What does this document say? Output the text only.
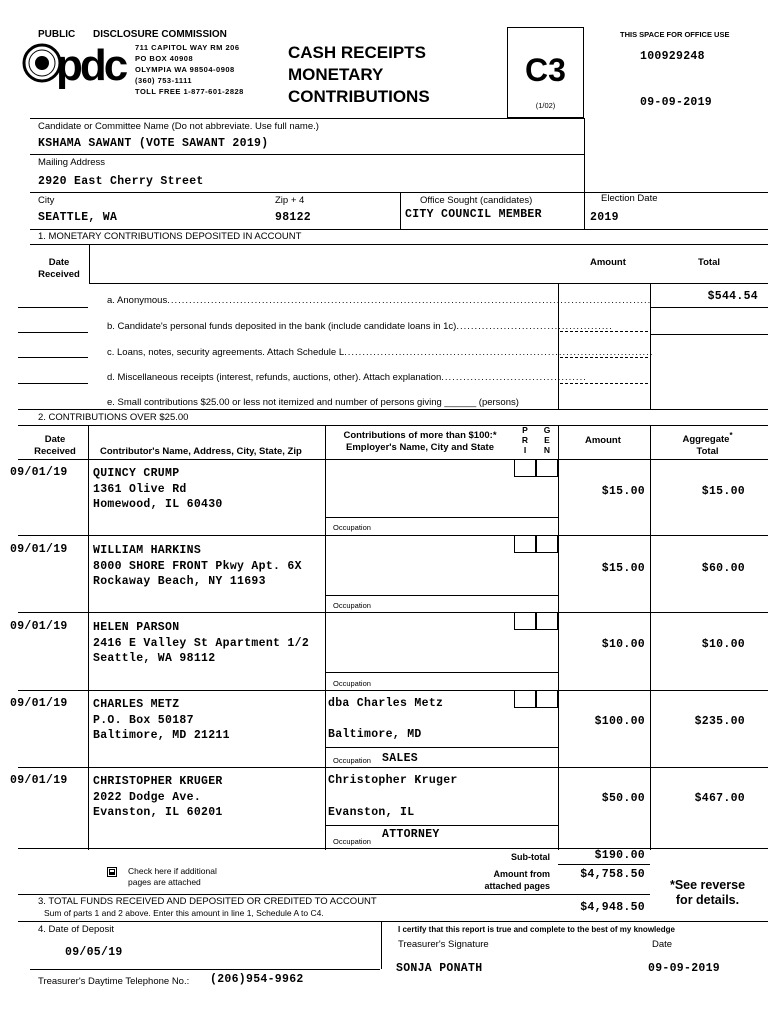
PUBLIC DISCLOSURE COMMISSION
pdc	711 CAPITOL WAY RM 206
PO BOX 40908
OLYMPIA WA 98504-0908
(360) 753-1111
TOLL FREE 1-877-601-2828
CASH RECEIPTS
MONETARY
CONTRIBUTIONS
C3
(1/02)
THIS SPACE FOR OFFICE USE
100929248
09-09-2019
Candidate or Committee Name (Do not abbreviate. Use full name.)
KSHAMA SAWANT (VOTE SAWANT 2019)
Mailing Address
2920 East Cherry Street
City
SEATTLE, WA
Zip + 4
98122
Office Sought (candidates)
CITY COUNCIL MEMBER
Election Date
2019
1. MONETARY CONTRIBUTIONS DEPOSITED IN ACCOUNT
Date
Received
Amount	Total
a. Anonymous.....................................................................................................................................	$544.54
b. Candidate's personal funds deposited in the bank (include candidate loans in 1c)...........................................
c. Loans, notes, security agreements. Attach Schedule L.....................................................................................
d. Miscellaneous receipts (interest, refunds, auctions, other). Attach explanation........................................
e. Small contributions $25.00 or less not itemized and number of persons giving ______ (persons)
2. CONTRIBUTIONS OVER $25.00
Date
Received	Contributor's Name, Address, City, State, Zip
Contributions of more than $100:*
Employer's Name, City and State
P
R
I
G
E
N
Amount	Aggregate*
Total
09/01/19 QUINCY CRUMP
1361 Olive Rd
Homewood, IL 60430
$15.00	$15.00
Occupation
09/01/19 WILLIAM HARKINS
8000 SHORE FRONT Pkwy Apt. 6X
Rockaway Beach, NY 11693
$15.00	$60.00
Occupation
09/01/19 HELEN PARSON
2416 E Valley St Apartment 1/2
Seattle, WA 98112
$10.00	$10.00
Occupation
09/01/19 CHARLES METZ
P.O. Box 50187
Baltimore, MD 21211
dba Charles Metz
Baltimore, MD
$100.00	$235.00
Occupation SALES
09/01/19 CHRISTOPHER KRUGER
2022 Dodge Ave.
Evanston, IL 60201
Christopher Kruger
Evanston, IL
$50.00	$467.00
Occupation
ATTORNEY
Check here if additional
pages are attached
Sub-total	$190.00
Amount from
attached pages
$4,758.50
*See reverse
for details.
3. TOTAL FUNDS RECEIVED AND DEPOSITED OR CREDITED TO ACCOUNT
Sum of parts 1 and 2 above. Enter this amount in line 1, Schedule A to C4.	$4,948.50
4. Date of Deposit
09/05/19
I certify that this report is true and complete to the best of my knowledge
Treasurer's Signature	Date
SONJA PONATH	09-09-2019
Treasurer's Daytime Telephone No.: (206)954-9962
